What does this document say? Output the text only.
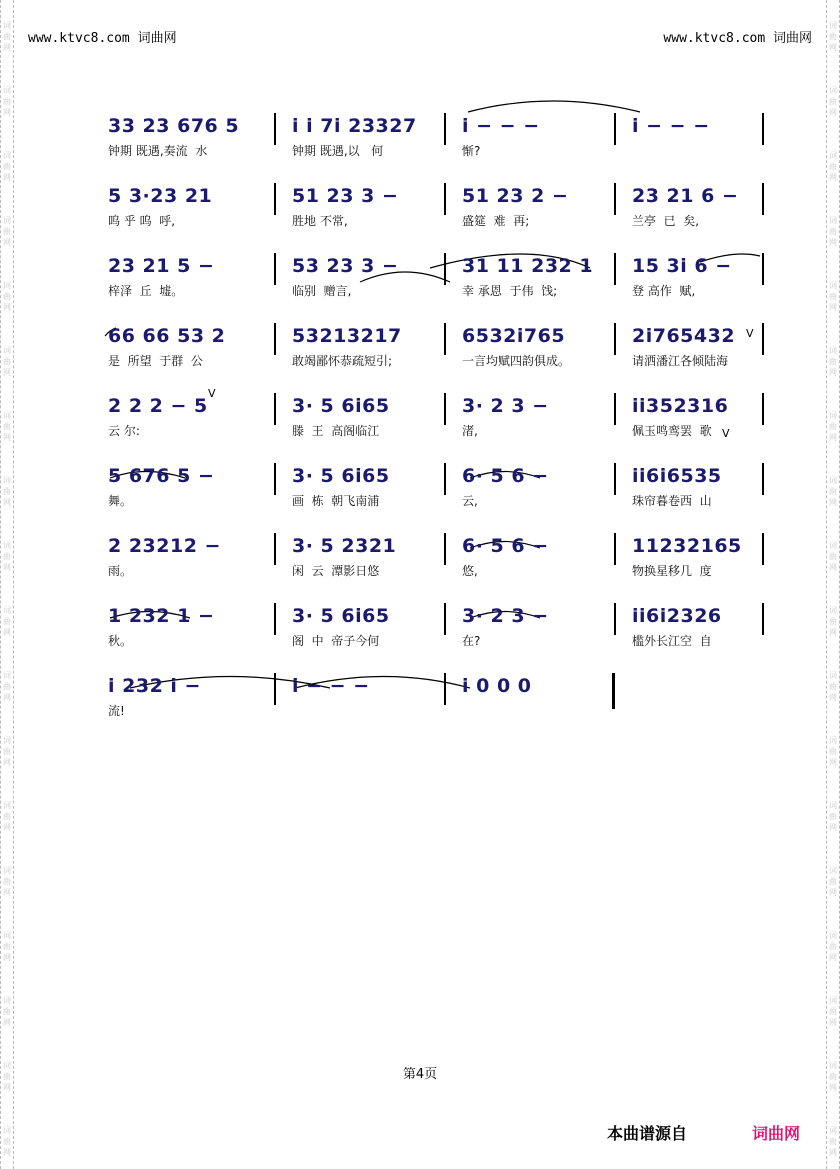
词
曲
网
词
曲
网
词
曲
网
词
曲
网
词
曲
网
词
曲
网
词
曲
网
词
曲
网
词
曲
网
词
曲
网
词
曲
网
词
曲
网
词
曲
网
词
曲
网
词
曲
网
词
曲
网
词
曲
网
词
曲
网
词
曲
网
词
曲
网
词
曲
网
词
曲
网
词
曲
网
词
曲
网
词
曲
网
词
曲
网
词
曲
网
词
曲
网
词
曲
网
词
曲
网
词
曲
网
词
曲
网
词
曲
网
词
曲
网
词
曲
网
词
曲
网
www.ktvc8.com 词曲网	www.ktvc8.com 词曲网
33 23 676 5
钟期 既遇,奏流  水
i i 7i 23327
钟期 既遇,以   何
i − − −
惭?
i − − −
5 3·23 21
呜 乎 呜  呼,
51 23 3 −
胜地 不常,
51 23 2 −
盛筵  难  再;
23 21 6 −
兰亭  已  矣,
23 21 5 −
梓泽  丘  墟。
53 23 3 −
临别  赠言,
31 11 232 1
幸 承恩  于伟  饯;
15 3i 6 −
登 高作  赋,
66 66 53 2
是  所望  于群  公
53213217
敢竭鄙怀恭疏短引;
6532i765
一言均赋四韵俱成。
2i765432
请洒潘江各倾陆海
2 2 2 − 5
云 尔:
3· 5 6i65
滕  王  高阁临江
3· 2 3 −
渚,
ii352316
佩玉鸣鸾罢  歌
5 676 5 −
舞。
3· 5 6i65
画  栋  朝飞南浦
6· 5 6 −
云,
ii6i6535
珠帘暮卷西  山
2 23212 −
雨。
3· 5 2321
闲  云  潭影日悠
6· 5 6 −
悠,
11232165
物换星移几  度
1 232 1 −
秋。
3· 5 6i65
阁  中  帝子今何
3· 2 3 −
在?
ii6i2326
槛外长江空  自
i 232 i −
流!
i − − −	i 0 0 0
V
V
V
第4页
本曲谱源自	词曲网
